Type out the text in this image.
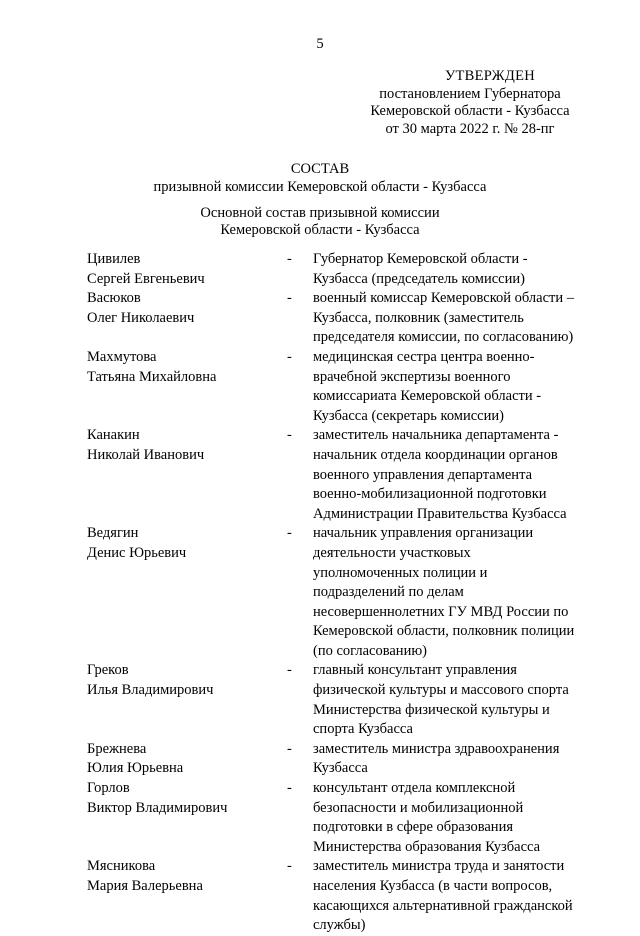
5
УТВЕРЖДЕН
постановлением Губернатора
Кемеровской области - Кузбасса
от 30 марта 2022 г. № 28-пг
СОСТАВ
призывной комиссии Кемеровской области - Кузбасса
Основной состав призывной комиссии
Кемеровской области - Кузбасса
Цивилев
Сергей Евгеньевич
-	Губернатор Кемеровской области -
Кузбасса (председатель комиссии)
Васюков
Олег Николаевич
-	военный комиссар Кемеровской области –
Кузбасса, полковник (заместитель
председателя комиссии, по согласованию)
Махмутова
Татьяна Михайловна
-	медицинская сестра центра военно-
врачебной экспертизы военного
комиссариата Кемеровской области -
Кузбасса (секретарь комиссии)
Канакин
Николай Иванович
-	заместитель начальника департамента -
начальник отдела координации органов
военного управления департамента
военно-мобилизационной подготовки
Администрации Правительства Кузбасса
Ведягин
Денис Юрьевич
-	начальник управления организации
деятельности участковых
уполномоченных полиции и
подразделений по делам
несовершеннолетних ГУ МВД России по
Кемеровской области, полковник полиции
(по согласованию)
Греков
Илья Владимирович
-	главный консультант управления
физической культуры и массового спорта
Министерства физической культуры и
спорта Кузбасса
Брежнева
Юлия Юрьевна
-	заместитель министра здравоохранения
Кузбасса
Горлов
Виктор Владимирович
-	консультант отдела комплексной
безопасности и мобилизационной
подготовки в сфере образования
Министерства образования Кузбасса
Мясникова
Мария Валерьевна
-	заместитель министра труда и занятости
населения Кузбасса (в части вопросов,
касающихся альтернативной гражданской
службы)
